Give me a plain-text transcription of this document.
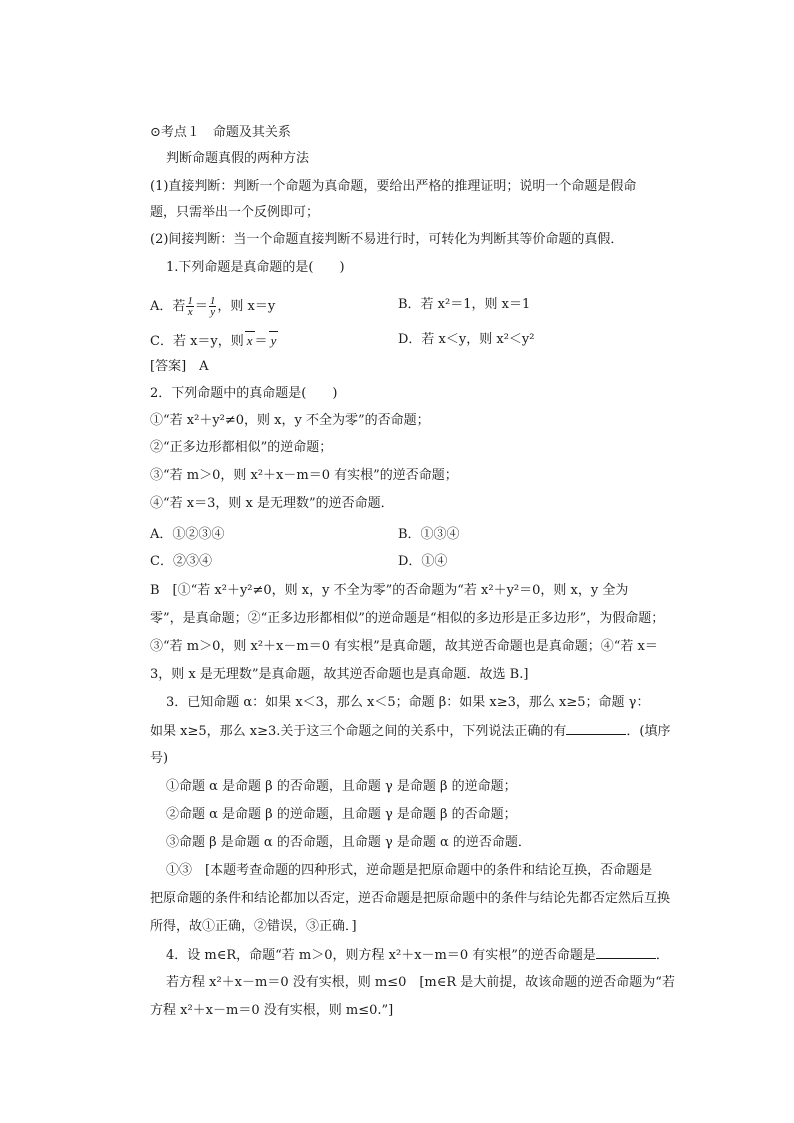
⊙考点１　命题及其关系
判断命题真假的两种方法
(1)直接判断：判断一个命题为真命题，要给出严格的推理证明；说明一个命题是假命
题，只需举出一个反例即可；
(2)间接判断：当一个命题直接判断不易进行时，可转化为判断其等价命题的真假．
1.下列命题是真命题的是(　　)
A．若 $\frac{1}{x} = \frac{1}{y}$ ，则 x＝y	B．若 x²＝1，则 x＝1
C．若 x＝y，则 x ＝ y	D．若 x＜y，则 x²＜y²
[答案]　A
2．下列命题中的真命题是(　　)
①“若 x²＋y²≠0，则 x，y 不全为零”的否命题；
②“正多边形都相似”的逆命题；
③“若 m＞0，则 x²＋x－m＝0 有实根”的逆否命题；
④“若 x＝3，则 x 是无理数”的逆否命题．
A．①②③④	B．①③④
C．②③④	D．①④
B　[①“若 x²＋y²≠0，则 x，y 不全为零”的否命题为“若 x²＋y²＝0，则 x，y 全为
零”，是真命题；②“正多边形都相似”的逆命题是“相似的多边形是正多边形”，为假命题；
③“若 m＞0，则 x²＋x－m＝0 有实根”是真命题，故其逆否命题也是真命题；④“若 x＝
3，则 x 是无理数”是真命题，故其逆否命题也是真命题．故选 B.]
3．已知命题 α：如果 x＜3，那么 x＜5；命题 β：如果 x≥3，那么 x≥5；命题 γ：
如果 x≥5，那么 x≥3.关于这三个命题之间的关系中，下列说法正确的有	．(填序
号)
①命题 α 是命题 β 的否命题，且命题 γ 是命题 β 的逆命题；
②命题 α 是命题 β 的逆命题，且命题 γ 是命题 β 的否命题；
③命题 β 是命题 α 的否命题，且命题 γ 是命题 α 的逆否命题．
①③　[本题考查命题的四种形式，逆命题是把原命题中的条件和结论互换，否命题是
把原命题的条件和结论都加以否定，逆否命题是把原命题中的条件与结论先都否定然后互换
所得，故①正确，②错误，③正确．]
4．设 m∈R，命题“若 m＞0，则方程 x²＋x－m＝0 有实根”的逆否命题是	．
若方程 x²＋x－m＝0 没有实根，则 m≤0　[m∈R 是大前提，故该命题的逆否命题为“若
方程 x²＋x－m＝0 没有实根，则 m≤0.”]
